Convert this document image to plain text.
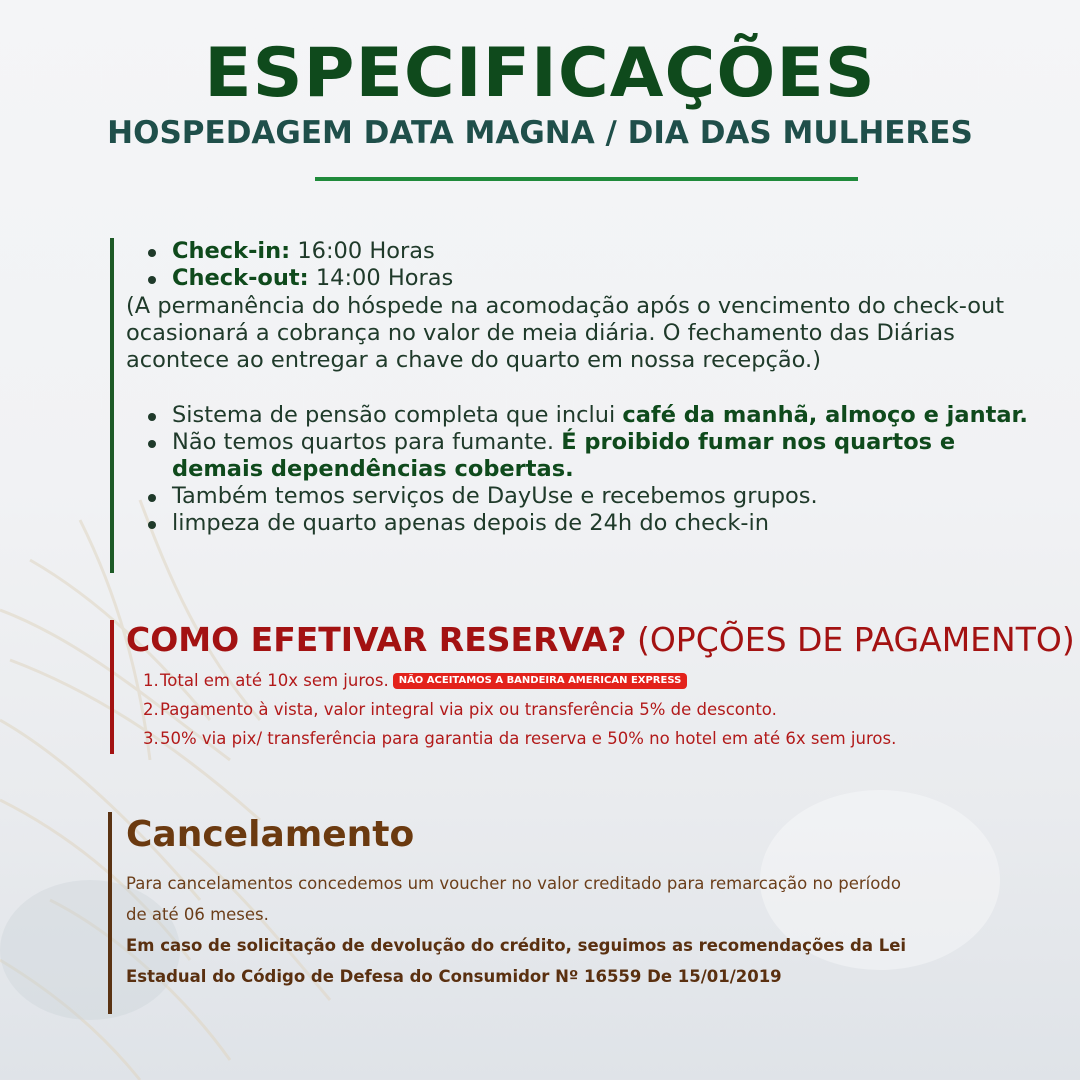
ESPECIFICAÇÕES
HOSPEDAGEM DATA MAGNA / DIA DAS MULHERES
Check-in: 16:00 Horas
Check-out: 14:00 Horas

(A permanência do hóspede na acomodação após o vencimento do check-out ocasionará a cobrança no valor de meia diária. O fechamento das Diárias acontece ao entregar a chave do quarto em nossa recepção.)

Sistema de pensão completa que inclui café da manhã, almoço e jantar.
Não temos quartos para fumante. É proibido fumar nos quartos e demais dependências cobertas.
Também temos serviços de DayUse e recebemos grupos.
limpeza de quarto apenas depois de 24h do check-in
COMO EFETIVAR RESERVA? (OPÇÕES DE PAGAMENTO)
1. Total em até 10x sem juros. NÃO ACEITAMOS A BANDEIRA AMERICAN EXPRESS
2. Pagamento à vista, valor integral via pix ou transferência 5% de desconto.
3. 50% via pix/ transferência para garantia da reserva e 50% no hotel em até 6x sem juros.
Cancelamento

Para cancelamentos concedemos um voucher no valor creditado para remarcação no período de até 06 meses.

Em caso de solicitação de devolução do crédito, seguimos as recomendações da Lei Estadual do Código de Defesa do Consumidor Nº 16559 De 15/01/2019
